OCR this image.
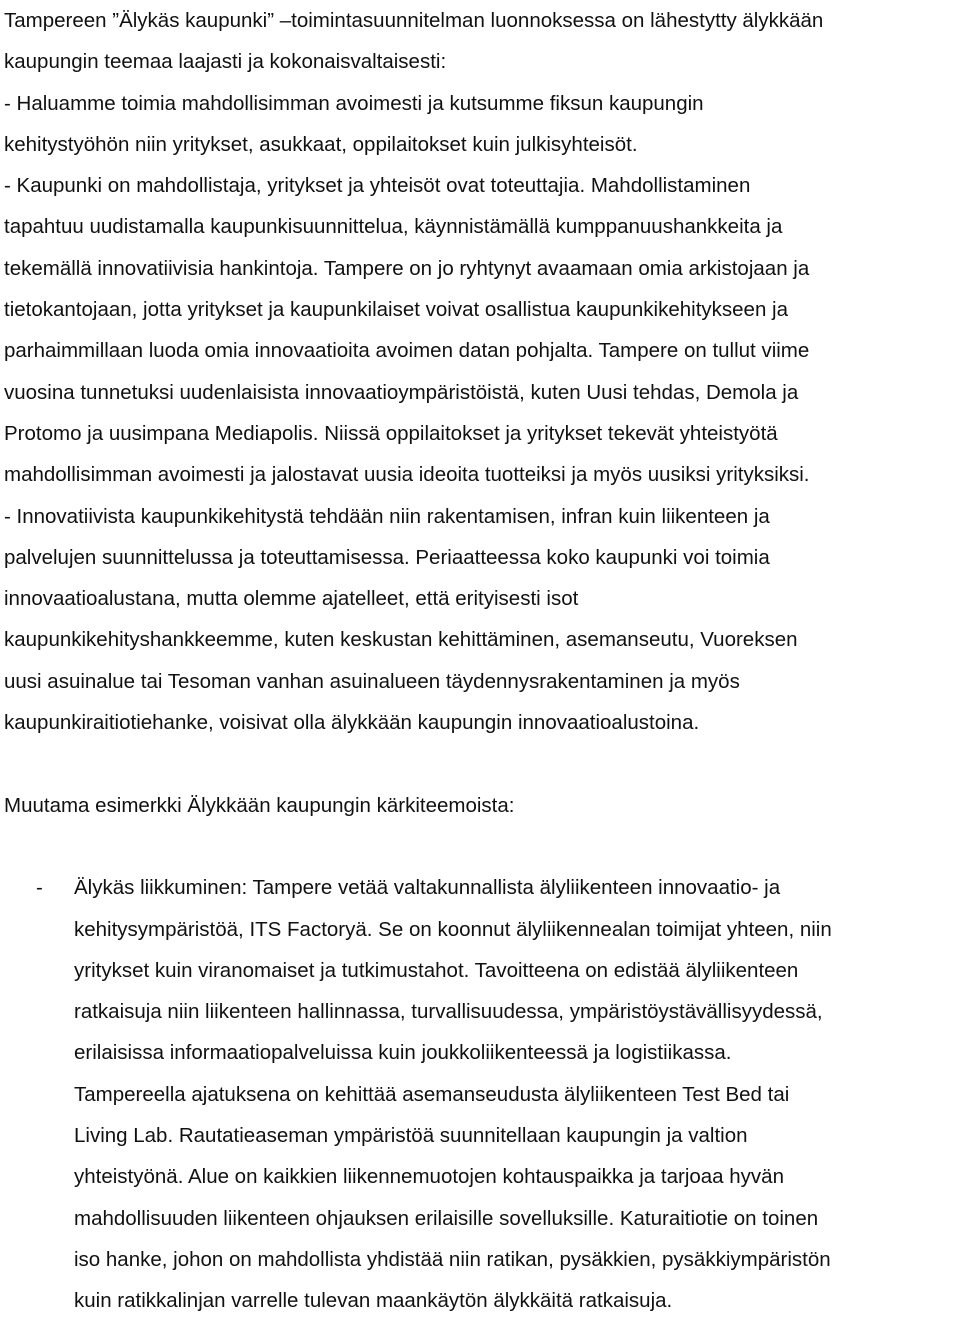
Tampereen ”Älykäs kaupunki” –toimintasuunnitelman luonnoksessa on lähestytty älykkään
kaupungin teemaa laajasti ja kokonaisvaltaisesti:
- Haluamme toimia mahdollisimman avoimesti ja kutsumme fiksun kaupungin
kehitystyöhön niin yritykset, asukkaat, oppilaitokset kuin julkisyhteisöt.
- Kaupunki on mahdollistaja, yritykset ja yhteisöt ovat toteuttajia. Mahdollistaminen
tapahtuu uudistamalla kaupunkisuunnittelua, käynnistämällä kumppanuushankkeita ja
tekemällä innovatiivisia hankintoja. Tampere on jo ryhtynyt avaamaan omia arkistojaan ja
tietokantojaan, jotta yritykset ja kaupunkilaiset voivat osallistua kaupunkikehitykseen ja
parhaimmillaan luoda omia innovaatioita avoimen datan pohjalta. Tampere on tullut viime
vuosina tunnetuksi uudenlaisista innovaatioympäristöistä, kuten Uusi tehdas, Demola ja
Protomo ja uusimpana Mediapolis. Niissä oppilaitokset ja yritykset tekevät yhteistyötä
mahdollisimman avoimesti ja jalostavat uusia ideoita tuotteiksi ja myös uusiksi yrityksiksi.
- Innovatiivista kaupunkikehitystä tehdään niin rakentamisen, infran kuin liikenteen ja
palvelujen suunnittelussa ja toteuttamisessa. Periaatteessa koko kaupunki voi toimia
innovaatioalustana, mutta olemme ajatelleet, että erityisesti isot
kaupunkikehityshankkeemme, kuten keskustan kehittäminen, asemanseutu, Vuoreksen
uusi asuinalue tai Tesoman vanhan asuinalueen täydennysrakentaminen ja myös
kaupunkiraitiotiehanke, voisivat olla älykkään kaupungin innovaatioalustoina.
Muutama esimerkki Älykkään kaupungin kärkiteemoista:
- Älykäs liikkuminen: Tampere vetää valtakunnallista älyliikenteen innovaatio- ja
kehitysympäristöä, ITS Factoryä. Se on koonnut älyliikennealan toimijat yhteen, niin
yritykset kuin viranomaiset ja tutkimustahot. Tavoitteena on edistää älyliikenteen
ratkaisuja niin liikenteen hallinnassa, turvallisuudessa, ympäristöystävällisyydessä,
erilaisissa informaatiopalveluissa kuin joukkoliikenteessä ja logistiikassa.
Tampereella ajatuksena on kehittää asemanseudusta älyliikenteen Test Bed tai
Living Lab. Rautatieaseman ympäristöä suunnitellaan kaupungin ja valtion
yhteistyönä. Alue on kaikkien liikennemuotojen kohtauspaikka ja tarjoaa hyvän
mahdollisuuden liikenteen ohjauksen erilaisille sovelluksille. Katuraitiotie on toinen
iso hanke, johon on mahdollista yhdistää niin ratikan, pysäkkien, pysäkkiympäristön
kuin ratikkalinjan varrelle tulevan maankäytön älykkäitä ratkaisuja.
